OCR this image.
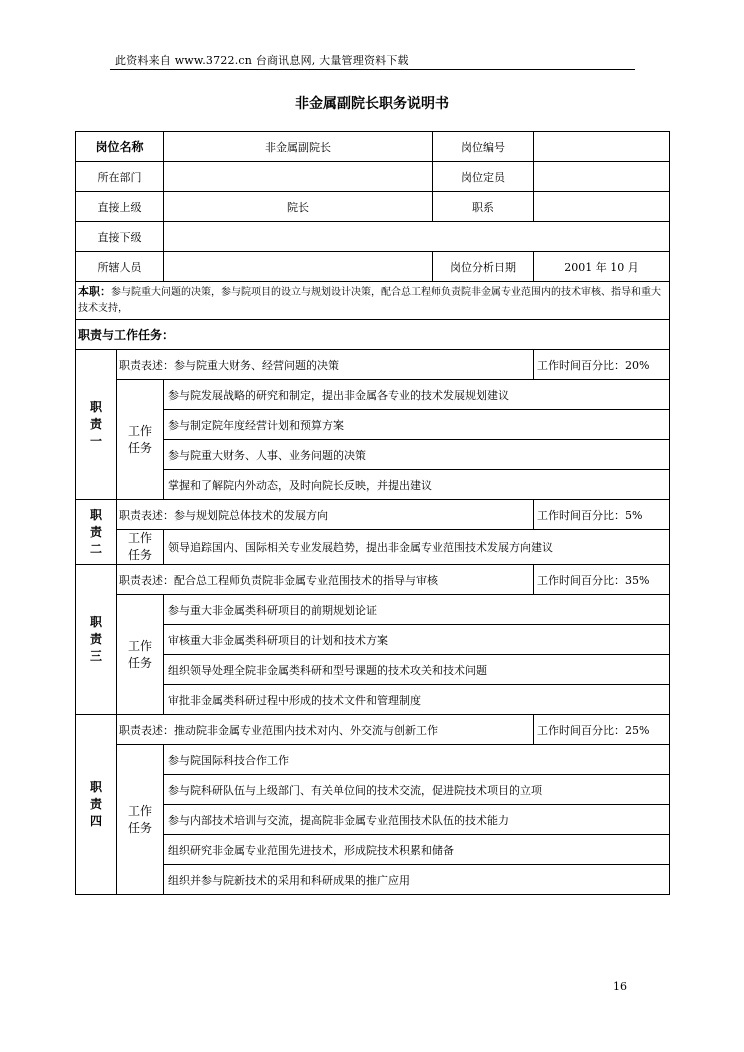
此资料来自 www.3722.cn 台商讯息网, 大量管理资料下载
非金属副院长职务说明书
岗位名称		非金属副院长	岗位编号	
所在部门			岗位定员	
直接上级		院长	职系	
直接下级				
所辖人员			岗位分析日期	2001 年 10 月
本职：参与院重大问题的决策，参与院项目的设立与规划设计决策，配合总工程师负责院非金属专业范围内的技术审核、指导和重大技术支持，				
职责与工作任务：				

职
责
一	职责表述：参与院重大财务、经营问题的决策			工作时间百分比：20%

	工作任务	参与院发展战略的研究和制定，提出非金属各专业的技术发展规划建议		
		参与制定院年度经营计划和预算方案		
		参与院重大财务、人事、业务问题的决策		
		掌握和了解院内外动态，及时向院长反映，并提出建议		

职
责
二	职责表述：参与规划院总体技术的发展方向			工作时间百分比：5%

	工作任务	领导追踪国内、国际相关专业发展趋势，提出非金属专业范围技术发展方向建议		

职
责
三	职责表述：配合总工程师负责院非金属专业范围技术的指导与审核			工作时间百分比：35%

	工作任务	参与重大非金属类科研项目的前期规划论证		
		审核重大非金属类科研项目的计划和技术方案		
		组织领导处理全院非金属类科研和型号课题的技术攻关和技术问题		
		审批非金属类科研过程中形成的技术文件和管理制度		

职
责
四	职责表述：推动院非金属专业范围内技术对内、外交流与创新工作			工作时间百分比：25%

	工作任务	参与院国际科技合作工作		
		参与院科研队伍与上级部门、有关单位间的技术交流，促进院技术项目的立项		
		参与内部技术培训与交流，提高院非金属专业范围技术队伍的技术能力		
		组织研究非金属专业范围先进技术，形成院技术积累和储备		
		组织并参与院新技术的采用和科研成果的推广应用		
16
